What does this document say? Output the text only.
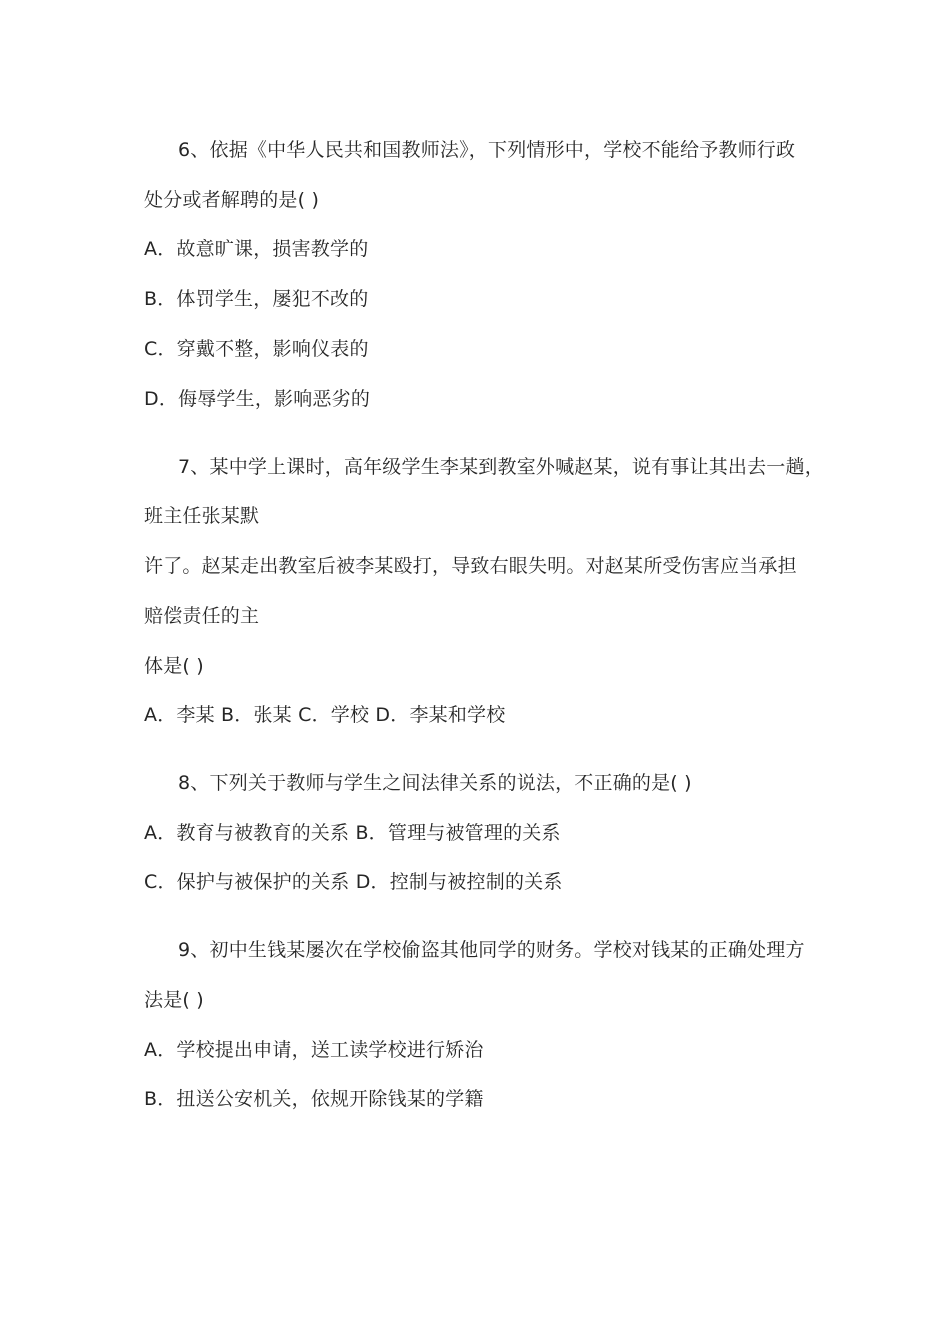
6、依据《中华人民共和国教师法》，下列情形中，学校不能给予教师行政
处分或者解聘的是( )
A．故意旷课，损害教学的
B．体罚学生，屡犯不改的
C．穿戴不整，影响仪表的
D．侮辱学生，影响恶劣的
7、某中学上课时，高年级学生李某到教室外喊赵某，说有事让其出去一趟，
班主任张某默
许了。赵某走出教室后被李某殴打，导致右眼失明。对赵某所受伤害应当承担
赔偿责任的主
体是( )
A．李某 B．张某 C．学校 D．李某和学校
8、下列关于教师与学生之间法律关系的说法，不正确的是( )
A．教育与被教育的关系 B．管理与被管理的关系
C．保护与被保护的关系 D．控制与被控制的关系
9、初中生钱某屡次在学校偷盗其他同学的财务。学校对钱某的正确处理方
法是( )
A．学校提出申请，送工读学校进行矫治
B．扭送公安机关，依规开除钱某的学籍
